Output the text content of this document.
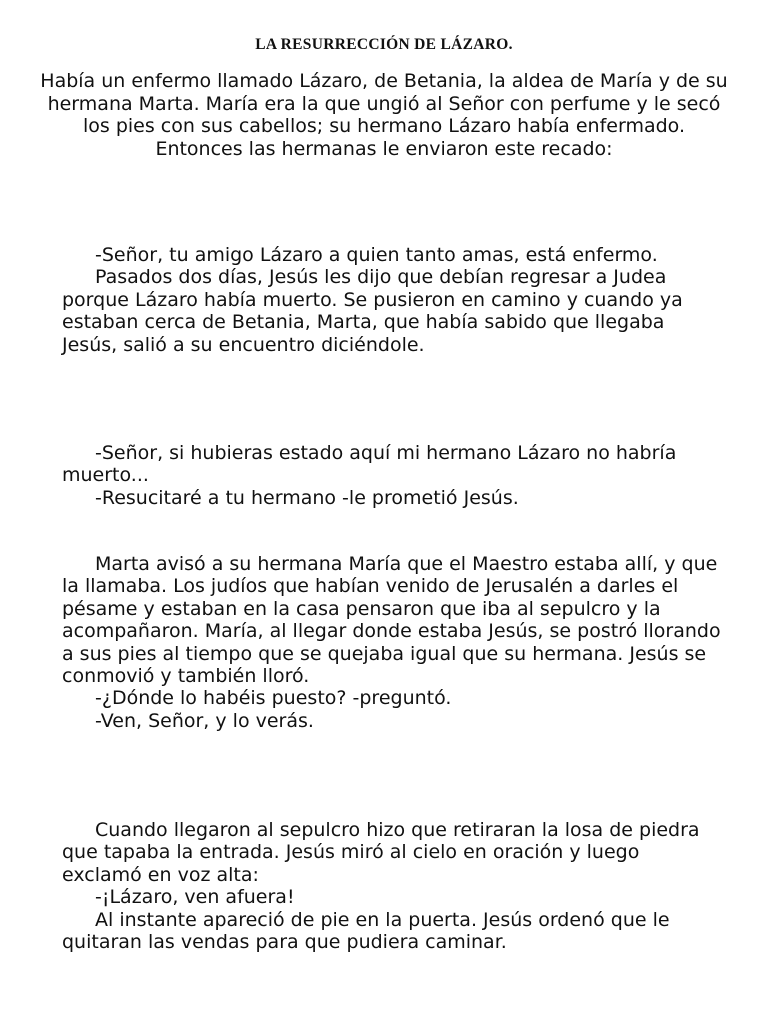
LA RESURRECCIÓN DE LÁZARO.

Había un enfermo llamado Lázaro, de Betania, la aldea de María y de su hermana Marta. María era la que ungió al Señor con perfume y le secó los pies con sus cabellos; su hermano Lázaro había enfermado. Entonces las hermanas le enviaron este recado:

-Señor, tu amigo Lázaro a quien tanto amas, está enfermo.

Pasados dos días, Jesús les dijo que debían regresar a Judea porque Lázaro había muerto. Se pusieron en camino y cuando ya estaban cerca de Betania, Marta, que había sabido que llegaba Jesús, salió a su encuentro diciéndole.

-Señor, si hubieras estado aquí mi hermano Lázaro no habría muerto...

-Resucitaré a tu hermano -le prometió Jesús.

Marta avisó a su hermana María que el Maestro estaba allí, y que la llamaba. Los judíos que habían venido de Jerusalén a darles el pésame y estaban en la casa pensaron que iba al sepulcro y la acompañaron. María, al llegar donde estaba Jesús, se postró llorando a sus pies al tiempo que se quejaba igual que su hermana. Jesús se conmovió y también lloró.

-¿Dónde lo habéis puesto? -preguntó.

-Ven, Señor, y lo verás.

Cuando llegaron al sepulcro hizo que retiraran la losa de piedra que tapaba la entrada. Jesús miró al cielo en oración y luego exclamó en voz alta:

-¡Lázaro, ven afuera!

Al instante apareció de pie en la puerta. Jesús ordenó que le quitaran las vendas para que pudiera caminar.
